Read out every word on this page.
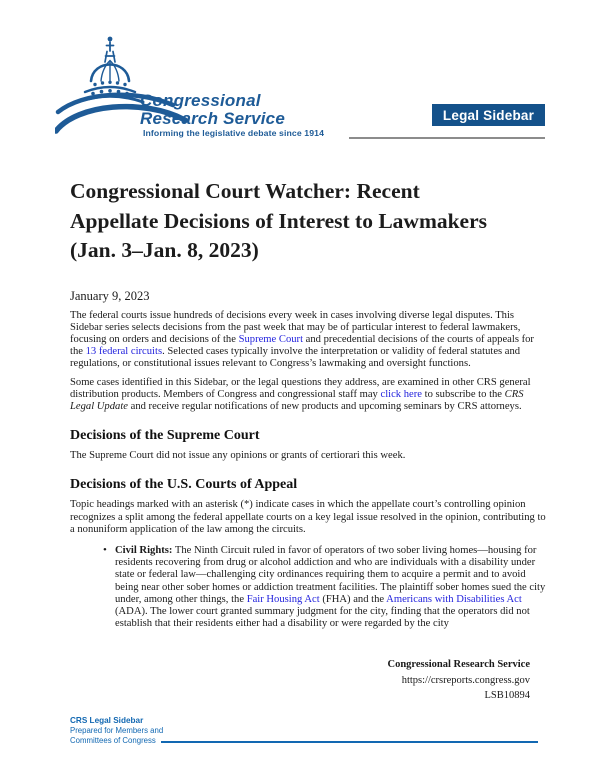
Congressional
Research Service
Informing the legislative debate since 1914
Legal Sidebar
Congressional Court Watcher: Recent
Appellate Decisions of Interest to Lawmakers
(Jan. 3–Jan. 8, 2023)
January 9, 2023

The federal courts issue hundreds of decisions every week in cases involving diverse legal disputes. This Sidebar series selects decisions from the past week that may be of particular interest to federal lawmakers, focusing on orders and decisions of the Supreme Court and precedential decisions of the courts of appeals for the 13 federal circuits. Selected cases typically involve the interpretation or validity of federal statutes and regulations, or constitutional issues relevant to Congress’s lawmaking and oversight functions.

Some cases identified in this Sidebar, or the legal questions they address, are examined in other CRS general distribution products. Members of Congress and congressional staff may click here to subscribe to the CRS Legal Update and receive regular notifications of new products and upcoming seminars by CRS attorneys.

Decisions of the Supreme Court

The Supreme Court did not issue any opinions or grants of certiorari this week.

Decisions of the U.S. Courts of Appeal

Topic headings marked with an asterisk (*) indicate cases in which the appellate court’s controlling opinion recognizes a split among the federal appellate courts on a key legal issue resolved in the opinion, contributing to a nonuniform application of the law among the circuits.

• Civil Rights: The Ninth Circuit ruled in favor of operators of two sober living homes—housing for residents recovering from drug or alcohol addiction and who are individuals with a disability under state or federal law—challenging city ordinances requiring them to acquire a permit and to avoid being near other sober homes or addiction treatment facilities. The plaintiff sober homes sued the city under, among other things, the Fair Housing Act (FHA) and the Americans with Disabilities Act (ADA). The lower court granted summary judgment for the city, finding that the operators did not establish that their residents either had a disability or were regarded by the city
Congressional Research Service
https://crsreports.congress.gov
LSB10894
CRS Legal Sidebar
Prepared for Members and
Committees of Congress
